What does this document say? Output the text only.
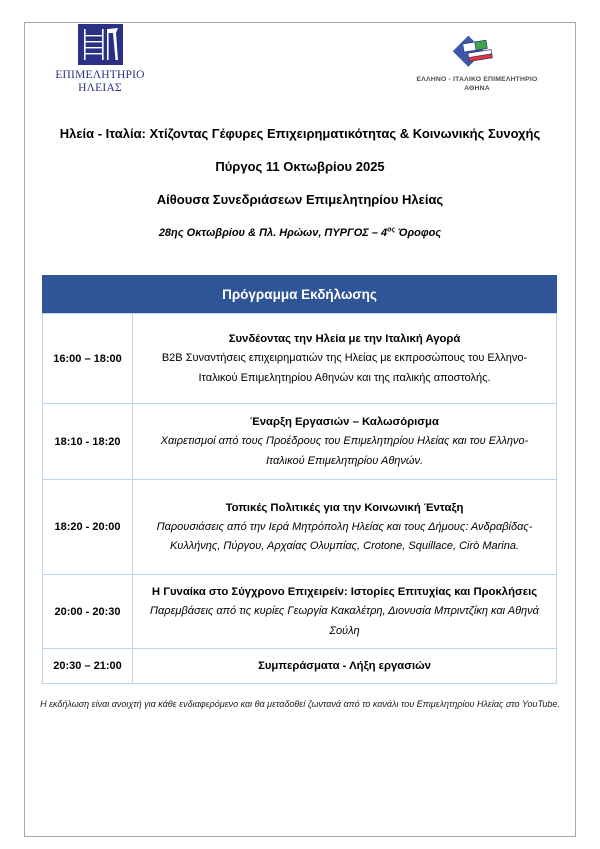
ΕΠΙΜΕΛΗΤΗΡΙΟ
ΗΛΕΙΑΣ
ΕΛΛΗΝΟ - ΙΤΑΛΙΚΟ ΕΠΙΜΕΛΗΤΗΡΙΟ
ΑΘΗΝΑ
Ηλεία - Ιταλία: Χτίζοντας Γέφυρες Επιχειρηματικότητας & Κοινωνικής Συνοχής
Πύργος 11 Οκτωβρίου 2025
Αίθουσα Συνεδριάσεων Επιμελητηρίου Ηλείας
28ης Οκτωβρίου & Πλ. Ηρώων, ΠΥΡΓΟΣ – $4^{o\varsigma}$ Όροφος
Πρόγραμμα Εκδήλωσης
16:00 – 18:00
Συνδέοντας την Ηλεία με την Ιταλική Αγορά
B2B Συναντήσεις επιχειρηματιών της Ηλείας με εκπροσώπους του Ελληνο-Ιταλικού Επιμελητηρίου Αθηνών και της ιταλικής αποστολής.
18:10 - 18:20
Έναρξη Εργασιών – Καλωσόρισμα
Χαιρετισμοί από τους Προέδρους του Επιμελητηρίου Ηλείας και του Ελληνο-Ιταλικού Επιμελητηρίου Αθηνών.
18:20 - 20:00
Τοπικές Πολιτικές για την Κοινωνική Ένταξη
Παρουσιάσεις από την Ιερά Μητρόπολη Ηλείας και τους Δήμους: Ανδραβίδας-Κυλλήνης, Πύργου, Αρχαίας Ολυμπίας, Crotone, Squillace, Cirò Marina.
20:00 - 20:30
Η Γυναίκα στο Σύγχρονο Επιχειρείν: Ιστορίες Επιτυχίας και Προκλήσεις
Παρεμβάσεις από τις κυρίες Γεωργία Κακαλέτρη, Διονυσία Μπριντζίκη και Αθηνά Σούλη
20:30 – 21:00	Συμπεράσματα - Λήξη εργασιών
Η εκδήλωση είναι ανοιχτή για κάθε ενδιαφερόμενο και θα μεταδοθεί ζωντανά από το κανάλι του Επιμελητηρίου Ηλείας στο YouTube.
